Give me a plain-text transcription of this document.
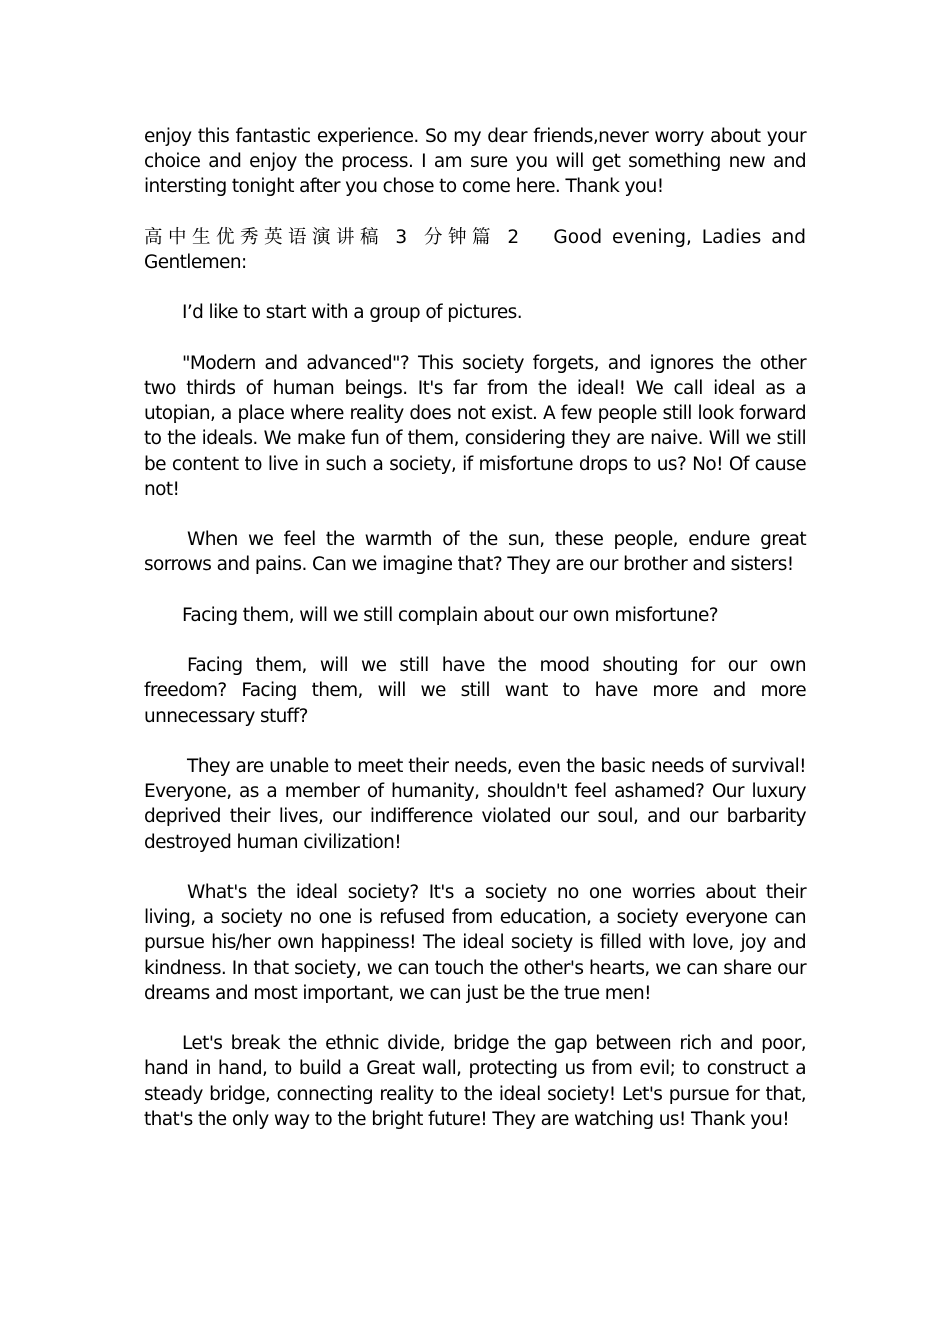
enjoy this fantastic experience. So my dear friends,never worry about your choice and enjoy the process. I am sure you will get something new and intersting tonight after you chose to come here. Thank you!

高中生优秀英语演讲稿 3 分钟篇 2 Good evening, Ladies and
Gentlemen:

I’d like to start with a group of pictures.

"Modern and advanced"? This society forgets, and ignores the other two thirds of human beings. It's far from the ideal! We call ideal as a utopian, a place where reality does not exist. A few people still look forward to the ideals. We make fun of them, considering they are naive. Will we still be content to live in such a society, if misfortune drops to us? No! Of cause not!

When we feel the warmth of the sun, these people, endure great sorrows and pains. Can we imagine that? They are our brother and sisters!

Facing them, will we still complain about our own misfortune?

Facing them, will we still have the mood shouting for our own freedom? Facing them, will we still want to have more and more unnecessary stuff?

They are unable to meet their needs, even the basic needs of survival! Everyone, as a member of humanity, shouldn't feel ashamed? Our luxury deprived their lives, our indifference violated our soul, and our barbarity destroyed human civilization!

What's the ideal society? It's a society no one worries about their living, a society no one is refused from education, a society everyone can pursue his/her own happiness! The ideal society is filled with love, joy and kindness. In that society, we can touch the other's hearts, we can share our dreams and most important, we can just be the true men!

Let's break the ethnic divide, bridge the gap between rich and poor, hand in hand, to build a Great wall, protecting us from evil; to construct a steady bridge, connecting reality to the ideal society! Let's pursue for that, that's the only way to the bright future! They are watching us! Thank you!
